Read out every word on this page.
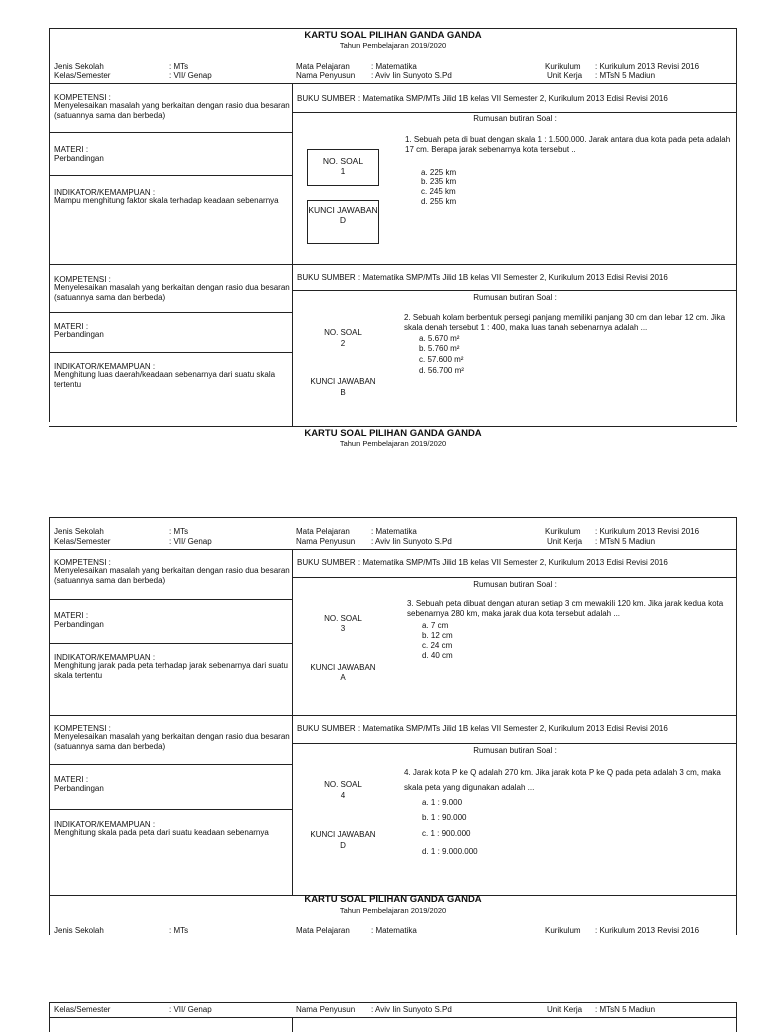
KARTU SOAL PILIHAN GANDA GANDA
Tahun Pembelajaran 2019/2020
Jenis Sekolah	: MTs
Kelas/Semester	: VII/ Genap
Mata Pelajaran	: Matematika
Nama Penyusun : Aviv Iin Sunyoto S.Pd
Kurikulum : Kurikulum 2013 Revisi 2016
Unit Kerja : MTsN 5 Madiun
KOMPETENSI :
Menyelesaikan masalah yang berkaitan dengan rasio dua besaran (satuannya sama dan berbeda)
MATERI :
Perbandingan
INDIKATOR/KEMAMPUAN :
Mampu menghitung faktor skala terhadap keadaan sebenarnya
BUKU SUMBER : Matematika SMP/MTs Jilid 1B kelas VII Semester 2, Kurikulum 2013 Edisi Revisi 2016
Rumusan butiran Soal :
NO. SOAL
1
KUNCI JAWABAN
D
1. Sebuah peta di buat dengan skala 1 : 1.500.000. Jarak antara dua kota pada peta adalah 17 cm. Berapa jarak sebenarnya kota tersebut ..
a. 225 km
b. 235 km
c. 245 km
d. 255 km
KOMPETENSI :
Menyelesaikan masalah yang berkaitan dengan rasio dua besaran (satuannya sama dan berbeda)
MATERI :
Perbandingan
INDIKATOR/KEMAMPUAN :
Menghitung luas daerah/keadaan sebenarnya dari suatu skala tertentu
BUKU SUMBER : Matematika SMP/MTs Jilid 1B kelas VII Semester 2, Kurikulum 2013 Edisi Revisi 2016
Rumusan butiran Soal :
NO. SOAL
2
KUNCI JAWABAN
B
2. Sebuah kolam berbentuk persegi panjang memiliki panjang 30 cm dan lebar 12 cm. Jika skala denah tersebut 1 : 400, maka luas tanah sebenarnya adalah ...
a. 5.670 m²
b. 5.760 m²
c. 57.600 m²
d. 56.700 m²
KARTU SOAL PILIHAN GANDA GANDA
Tahun Pembelajaran 2019/2020
Jenis Sekolah	: MTs
Kelas/Semester	: VII/ Genap
Mata Pelajaran	: Matematika
Nama Penyusun : Aviv Iin Sunyoto S.Pd
Kurikulum : Kurikulum 2013 Revisi 2016
Unit Kerja : MTsN 5 Madiun
KOMPETENSI :
Menyelesaikan masalah yang berkaitan dengan rasio dua besaran (satuannya sama dan berbeda)
MATERI :
Perbandingan
INDIKATOR/KEMAMPUAN :
Menghitung jarak pada peta terhadap jarak sebenarnya dari suatu skala tertentu
BUKU SUMBER : Matematika SMP/MTs Jilid 1B kelas VII Semester 2, Kurikulum 2013 Edisi Revisi 2016
Rumusan butiran Soal :
NO. SOAL
3
KUNCI JAWABAN
A
3. Sebuah peta dibuat dengan aturan setiap 3 cm mewakili 120 km. Jika jarak kedua kota sebenarnya 280 km, maka jarak dua kota tersebut adalah ...
a. 7 cm
b. 12 cm
c. 24 cm
d. 40 cm
KOMPETENSI :
Menyelesaikan masalah yang berkaitan dengan rasio dua besaran (satuannya sama dan berbeda)
MATERI :
Perbandingan
INDIKATOR/KEMAMPUAN :
Menghitung skala pada peta dari suatu keadaan sebenarnya
BUKU SUMBER : Matematika SMP/MTs Jilid 1B kelas VII Semester 2, Kurikulum 2013 Edisi Revisi 2016
Rumusan butiran Soal :
NO. SOAL
4
KUNCI JAWABAN
D
4. Jarak kota P ke Q adalah 270 km. Jika jarak kota P ke Q pada peta adalah 3 cm, maka skala peta yang digunakan adalah ...
a. 1 : 9.000
b. 1 : 90.000
c. 1 : 900.000
d. 1 : 9.000.000
KARTU SOAL PILIHAN GANDA GANDA
Tahun Pembelajaran 2019/2020
Jenis Sekolah	: MTs	Mata Pelajaran	: Matematika	Kurikulum : Kurikulum 2013 Revisi 2016
Kelas/Semester	: VII/ Genap	Nama Penyusun : Aviv Iin Sunyoto S.Pd	Unit Kerja : MTsN 5 Madiun
